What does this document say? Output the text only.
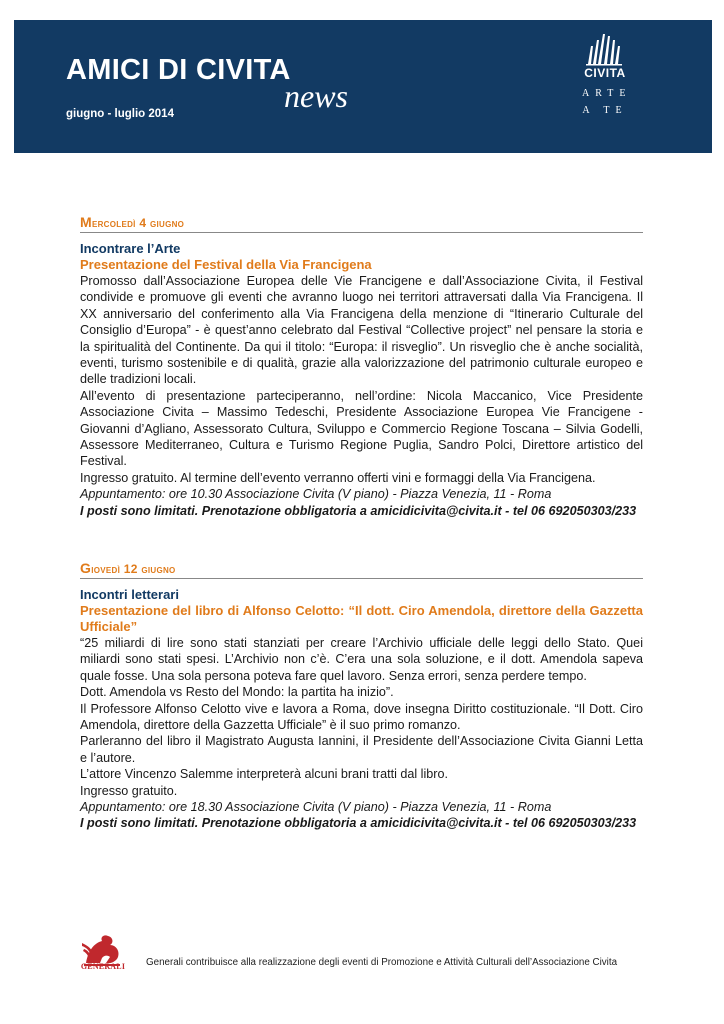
AMICI DI CIVITA
news
giugno - luglio 2014
CIVITA
ARTE
A TE
Mercoledì 4 giugno
Incontrare l’Arte
Presentazione del Festival della Via Francigena

Promosso dall’Associazione Europea delle Vie Francigene e dall’Associazione Civita, il Festival condivide e promuove gli eventi che avranno luogo nei territori attraversati dalla Via Francigena. Il XX anniversario del conferimento alla Via Francigena della menzione di “Itinerario Culturale del Consiglio d’Europa” - è quest’anno celebrato dal Festival “Collective project” nel pensare la storia e la spiritualità del Continente. Da qui il titolo: “Europa: il risveglio”. Un risveglio che è anche socialità, eventi, turismo sostenibile e di qualità, grazie alla valorizzazione del patrimonio culturale europeo e delle tradizioni locali.

All’evento di presentazione parteciperanno, nell’ordine: Nicola Maccanico, Vice Presidente Associazione Civita – Massimo Tedeschi, Presidente Associazione Europea Vie Francigene - Giovanni d’Agliano, Assessorato Cultura, Sviluppo e Commercio Regione Toscana – Silvia Godelli, Assessore Mediterraneo, Cultura e Turismo Regione Puglia, Sandro Polci, Direttore artistico del Festival.

Ingresso gratuito. Al termine dell’evento verranno offerti vini e formaggi della Via Francigena.

Appuntamento: ore 10.30 Associazione Civita (V piano) - Piazza Venezia, 11 - Roma

I posti sono limitati. Prenotazione obbligatoria a amicidicivita@civita.it - tel 06 692050303/233

Giovedì 12 giugno
Incontri letterari
Presentazione del libro di Alfonso Celotto: “Il dott. Ciro Amendola, direttore della Gazzetta Ufficiale”

“25 miliardi di lire sono stati stanziati per creare l’Archivio ufficiale delle leggi dello Stato. Quei miliardi sono stati spesi. L’Archivio non c’è. C’era una sola soluzione, e il dott. Amendola sapeva quale fosse. Una sola persona poteva fare quel lavoro. Senza errori, senza perdere tempo.

Dott. Amendola vs Resto del Mondo: la partita ha inizio”.

Il Professore Alfonso Celotto vive e lavora a Roma, dove insegna Diritto costituzionale. “Il Dott. Ciro Amendola, direttore della Gazzetta Ufficiale” è il suo primo romanzo.

Parleranno del libro il Magistrato Augusta Iannini, il Presidente dell’Associazione Civita Gianni Letta e l’autore.

L’attore Vincenzo Salemme interpreterà alcuni brani tratti dal libro.

Ingresso gratuito.

Appuntamento: ore 18.30 Associazione Civita (V piano) - Piazza Venezia, 11 - Roma

I posti sono limitati. Prenotazione obbligatoria a amicidicivita@civita.it - tel 06 692050303/233

GENERALI Generali contribuisce alla realizzazione degli eventi di Promozione e Attività Culturali dell’Associazione Civita
